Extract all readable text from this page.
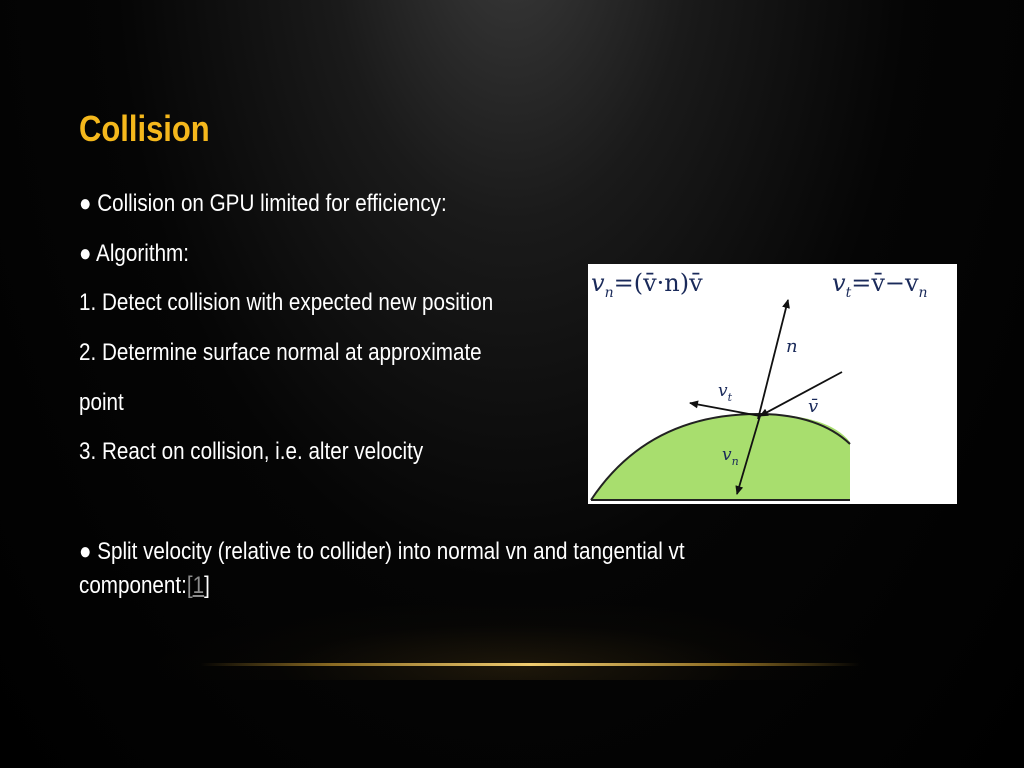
Collision
● Collision on GPU limited for efficiency:
● Algorithm:
1. Detect collision with expected new position
2. Determine surface normal at approximate
point
3. React on collision, i.e. alter velocity
● Split velocity (relative to collider) into normal vn and tangential vt
component:[1]
$v_n=(v̄\cdot n)v̄$	$v_t=v̄-v_n$
n
$v_t$	v̄
$v_n$
